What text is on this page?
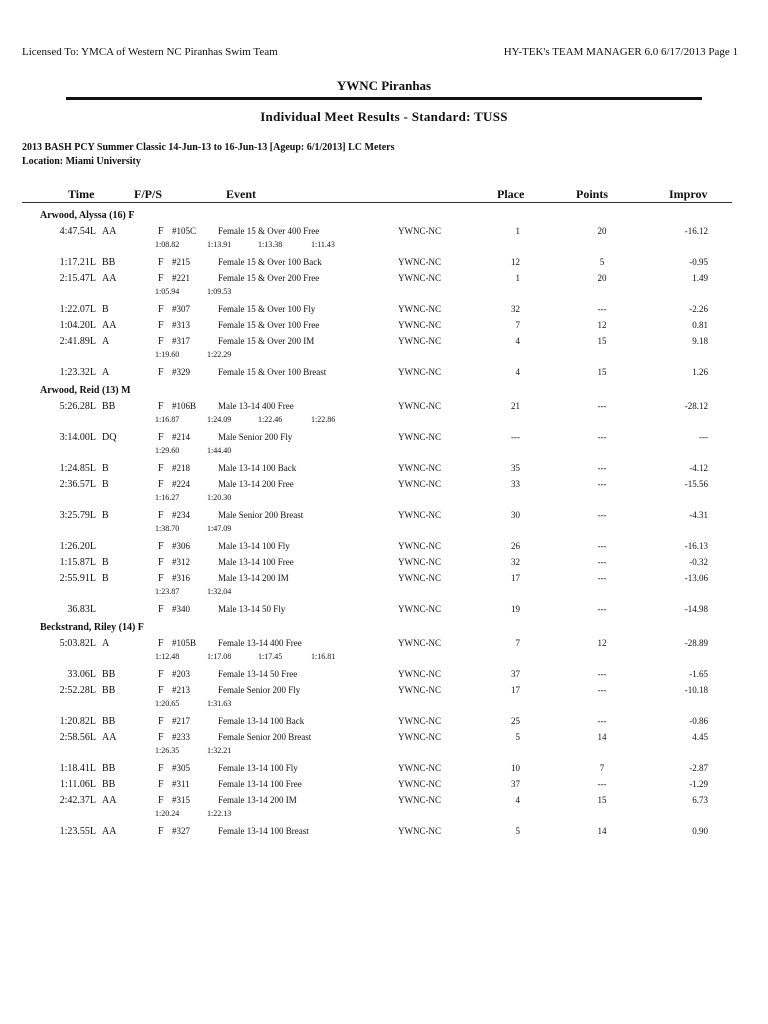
Licensed To: YMCA of Western NC Piranhas Swim Team	HY-TEK's TEAM MANAGER 6.0 6/17/2013 Page 1
YWNC Piranhas
Individual Meet Results - Standard: TUSS
2013 BASH PCY Summer Classic 14-Jun-13 to 16-Jun-13 [Ageup: 6/1/2013] LC Meters
Location: Miami University
Time	F/P/S	Event	Place	Points	Improv
Arwood, Alyssa (16) F
4:47.54L AA	F #105C Female 15 & Over 400 Free	YWNC-NC	1	20	-16.12
1:08.82	1:13.91	1:13.38	1:11.43
1:17.21L BB	F #215	Female 15 & Over 100 Back	YWNC-NC	12	5	-0.95
2:15.47L AA	F #221	Female 15 & Over 200 Free	YWNC-NC	1	20	1.49
1:05.94	1:09.53
1:22.07L B	F #307	Female 15 & Over 100 Fly	YWNC-NC	32	---	-2.26
1:04.20L AA	F #313	Female 15 & Over 100 Free	YWNC-NC	7	12	0.81
2:41.89L A	F #317	Female 15 & Over 200 IM	YWNC-NC	4	15	9.18
1:19.60	1:22.29
1:23.32L A	F #329	Female 15 & Over 100 Breast	YWNC-NC	4	15	1.26
Arwood, Reid (13) M
5:26.28L BB	F #106B Male 13-14 400 Free	YWNC-NC	21	---	-28.12
1:16.87	1:24.09	1:22.46	1:22.86
3:14.00L DQ	F #214	Male Senior 200 Fly	YWNC-NC	---	---	---
1:29.60	1:44.40
1:24.85L B	F #218	Male 13-14 100 Back	YWNC-NC	35	---	-4.12
2:36.57L B	F #224	Male 13-14 200 Free	YWNC-NC	33	---	-15.56
1:16.27	1:20.30
3:25.79L B	F #234	Male Senior 200 Breast	YWNC-NC	30	---	-4.31
1:38.70	1:47.09
1:26.20L	F #306	Male 13-14 100 Fly	YWNC-NC	26	---	-16.13
1:15.87L B	F #312	Male 13-14 100 Free	YWNC-NC	32	---	-0.32
2:55.91L B	F #316	Male 13-14 200 IM	YWNC-NC	17	---	-13.06
1:23.87	1:32.04
36.83L	F #340	Male 13-14 50 Fly	YWNC-NC	19	---	-14.98
Beckstrand, Riley (14) F
5:03.82L A	F #105B Female 13-14 400 Free	YWNC-NC	7	12	-28.89
1:12.48	1:17.08	1:17.45	1:16.81
33.06L BB	F #203	Female 13-14 50 Free	YWNC-NC	37	---	-1.65
2:52.28L BB	F #213	Female Senior 200 Fly	YWNC-NC	17	---	-10.18
1:20.65	1:31.63
1:20.82L BB	F #217	Female 13-14 100 Back	YWNC-NC	25	---	-0.86
2:58.56L AA	F #233	Female Senior 200 Breast	YWNC-NC	5	14	4.45
1:26.35	1:32.21
1:18.41L BB	F #305	Female 13-14 100 Fly	YWNC-NC	10	7	-2.87
1:11.06L BB	F #311	Female 13-14 100 Free	YWNC-NC	37	---	-1.29
2:42.37L AA	F #315	Female 13-14 200 IM	YWNC-NC	4	15	6.73
1:20.24	1:22.13
1:23.55L AA	F #327	Female 13-14 100 Breast	YWNC-NC	5	14	0.90
